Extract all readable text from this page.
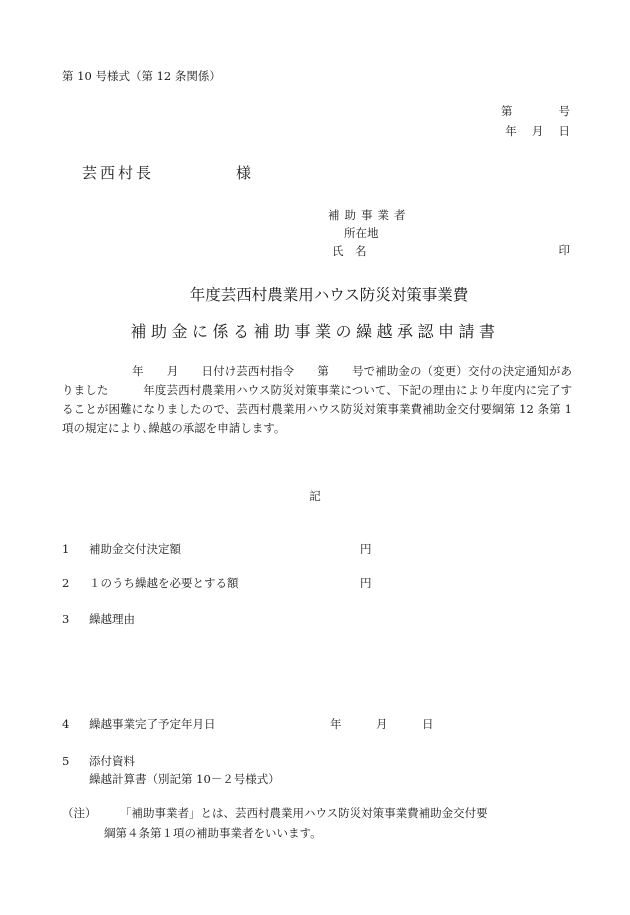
第 10 号様式（第 12 条関係）
第　　　　号
年　 月　 日
芸西村長	様
補助事業者
所在地
氏　名	印
年度芸西村農業用ハウス防災対策事業費
補助金に係る補助事業の繰越承認申請書
年　　月　　日付け芸西村指令　　第　　号で補助金の（変更）交付の決定通知がありました　　　年度芸西村農業用ハウス防災対策事業について、下記の理由により年度内に完了することが困難になりましたので、芸西村農業用ハウス防災対策事業費補助金交付要綱第 12 条第 1 項の規定により､繰越の承認を申請します。
記
1 補助金交付決定額	円
2 １のうち繰越を必要とする額	円
3 繰越理由
4 繰越事業完了予定年月日	年　　　月　　　日
5 添付資料
繰越計算書（別記第 10－２号様式）
（注） 「補助事業者」とは、芸西村農業用ハウス防災対策事業費補助金交付要
綱第４条第１項の補助事業者をいいます。
